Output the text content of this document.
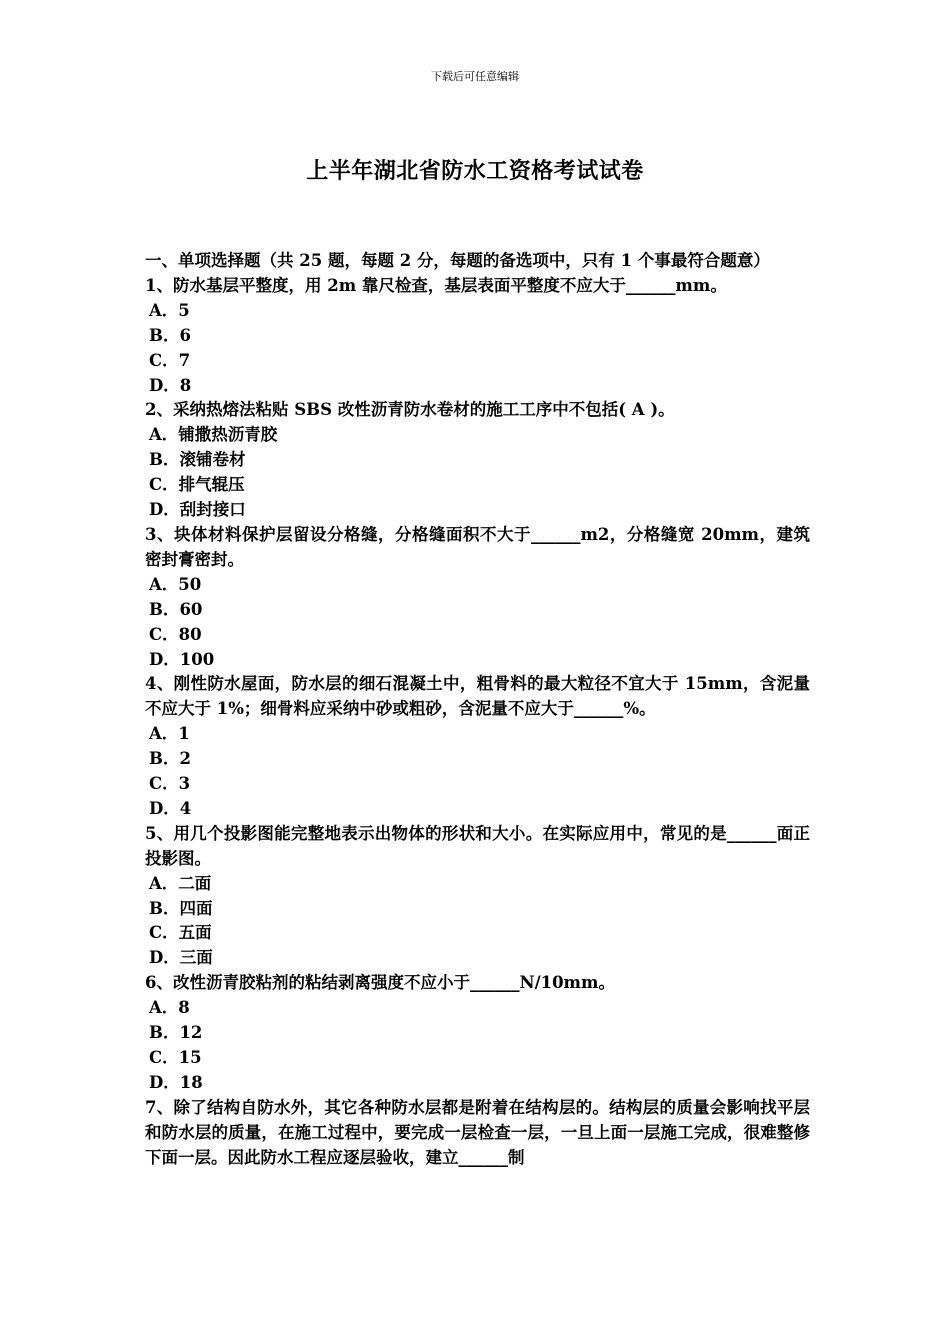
下载后可任意编辑
上半年湖北省防水工资格考试试卷

一、单项选择题（共 25 题，每题 2 分，每题的备选项中，只有 1 个事最符合题意）

1、防水基层平整度，用 2m 靠尺检查，基层表面平整度不应大于______mm。

A．5

B．6

C．7

D．8

2、采纳热熔法粘贴 SBS 改性沥青防水卷材的施工工序中不包括( A )。

A．铺撒热沥青胶

B．滚铺卷材

C．排气辊压

D．刮封接口

3、块体材料保护层留设分格缝，分格缝面积不大于______m2，分格缝宽 20mm，建筑密封膏密封。

A．50

B．60

C．80

D．100

4、刚性防水屋面，防水层的细石混凝土中，粗骨料的最大粒径不宜大于 15mm，含泥量不应大于 1%；细骨料应采纳中砂或粗砂，含泥量不应大于______%。

A．1

B．2

C．3

D．4

5、用几个投影图能完整地表示出物体的形状和大小。在实际应用中，常见的是______面正投影图。

A．二面

B．四面

C．五面

D．三面

6、改性沥青胶粘剂的粘结剥离强度不应小于______N/10mm。

A．8

B．12

C．15

D．18

7、除了结构自防水外，其它各种防水层都是附着在结构层的。结构层的质量会影响找平层和防水层的质量，在施工过程中，要完成一层检查一层，一旦上面一层施工完成，很难整修下面一层。因此防水工程应逐层验收，建立______制
